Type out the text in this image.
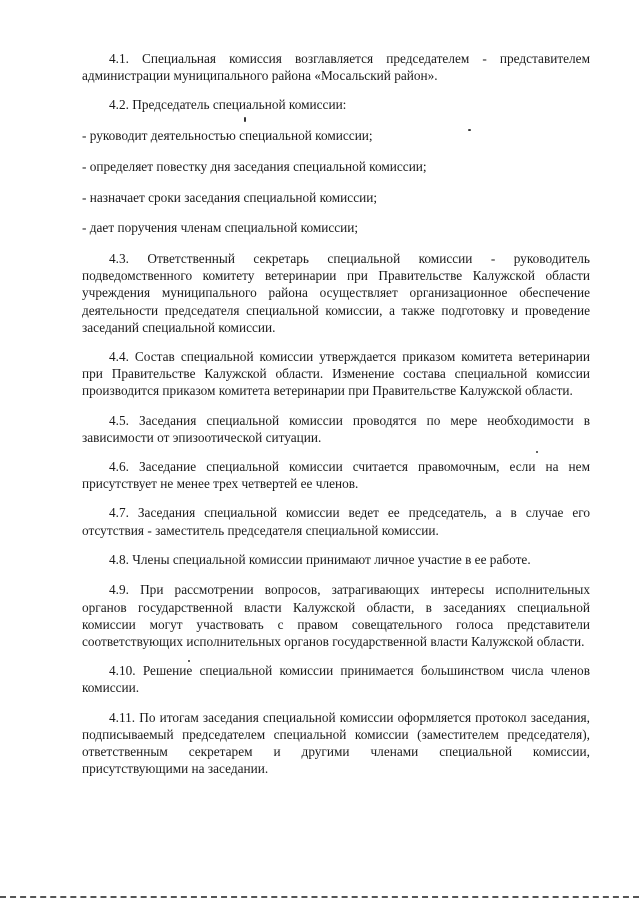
4.1. Специальная комиссия возглавляется председателем - представителем администрации муниципального района «Мосальский район».

4.2. Председатель специальной комиссии:

- руководит деятельностью специальной комиссии;

- определяет повестку дня заседания специальной комиссии;

- назначает сроки заседания специальной комиссии;

- дает поручения членам специальной комиссии;

4.3. Ответственный секретарь специальной комиссии - руководитель подведомственного комитету ветеринарии при Правительстве Калужской области учреждения муниципального района осуществляет организационное обеспечение деятельности председателя специальной комиссии, а также подготовку и проведение заседаний специальной комиссии.

4.4. Состав специальной комиссии утверждается приказом комитета ветеринарии при Правительстве Калужской области. Изменение состава специальной комиссии производится приказом комитета ветеринарии при Правительстве Калужской области.

4.5. Заседания специальной комиссии проводятся по мере необходимости в зависимости от эпизоотической ситуации.

4.6. Заседание специальной комиссии считается правомочным, если на нем присутствует не менее трех четвертей ее членов.

4.7. Заседания специальной комиссии ведет ее председатель, а в случае его отсутствия - заместитель председателя специальной комиссии.

4.8. Члены специальной комиссии принимают личное участие в ее работе.

4.9. При рассмотрении вопросов, затрагивающих интересы исполнительных органов государственной власти Калужской области, в заседаниях специальной комиссии могут участвовать с правом совещательного голоса представители соответствующих исполнительных органов государственной власти Калужской области.

4.10. Решение специальной комиссии принимается большинством числа членов комиссии.

4.11. По итогам заседания специальной комиссии оформляется протокол заседания, подписываемый председателем специальной комиссии (заместителем председателя), ответственным секретарем и другими членами специальной комиссии, присутствующими на заседании.
